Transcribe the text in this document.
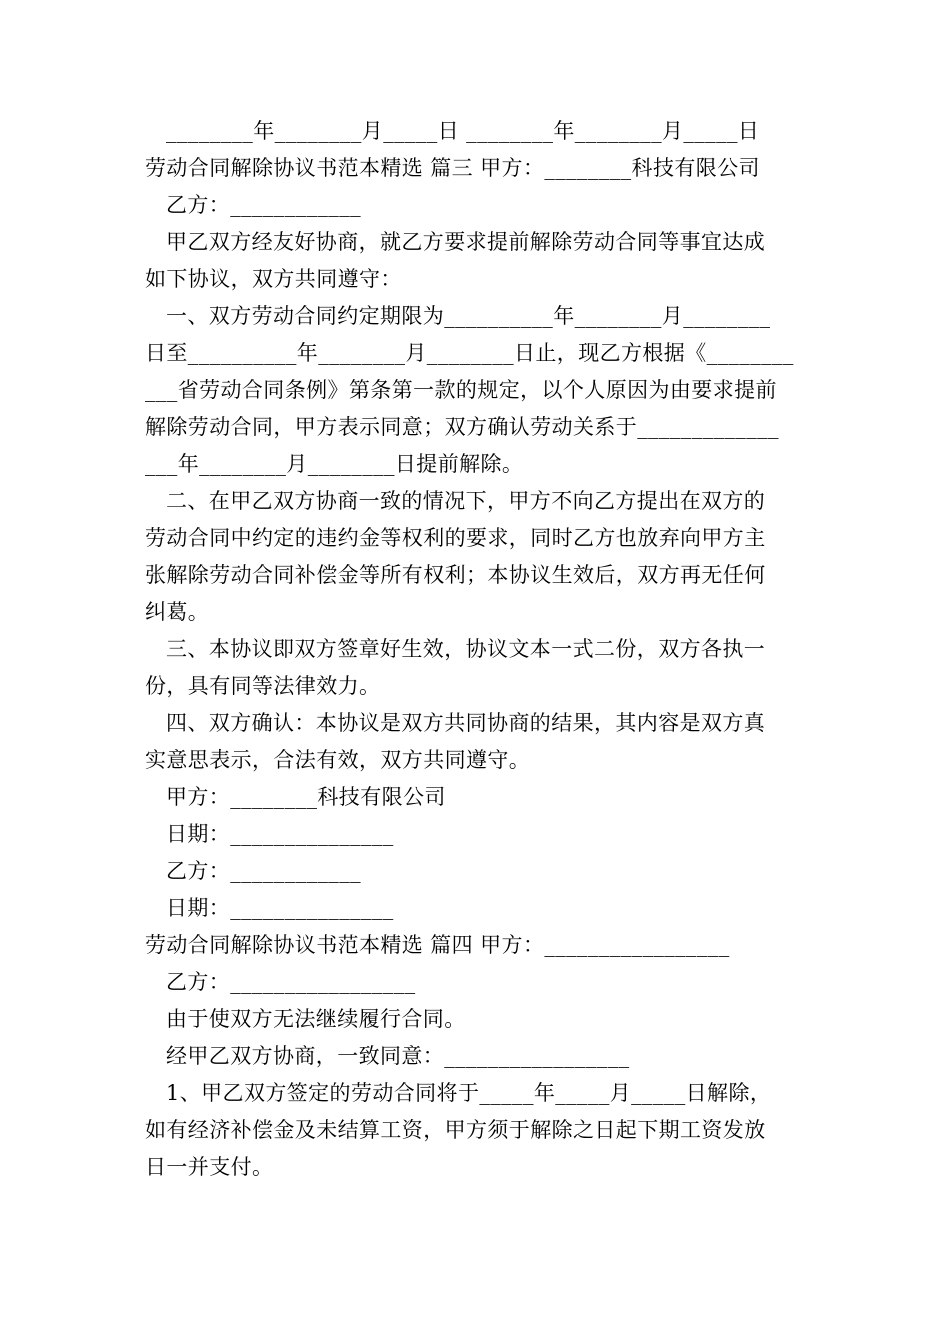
________年________月_____日 ________年________月_____日
劳动合同解除协议书范本精选 篇三 甲方：________科技有限公司
乙方：____________
甲乙双方经友好协商，就乙方要求提前解除劳动合同等事宜达成
如下协议，双方共同遵守：
一、双方劳动合同约定期限为__________年________月________
日至__________年________月________日止，现乙方根据《________
___省劳动合同条例》第条第一款的规定，以个人原因为由要求提前
解除劳动合同，甲方表示同意；双方确认劳动关系于_____________
___年________月________日提前解除。
二、在甲乙双方协商一致的情况下，甲方不向乙方提出在双方的
劳动合同中约定的违约金等权利的要求，同时乙方也放弃向甲方主
张解除劳动合同补偿金等所有权利；本协议生效后，双方再无任何
纠葛。
三、本协议即双方签章好生效，协议文本一式二份，双方各执一
份，具有同等法律效力。
四、双方确认：本协议是双方共同协商的结果，其内容是双方真
实意思表示，合法有效，双方共同遵守。
甲方：________科技有限公司
日期：_______________
乙方：____________
日期：_______________
劳动合同解除协议书范本精选 篇四 甲方：_________________
乙方：_________________
由于使双方无法继续履行合同。
经甲乙双方协商，一致同意：_________________
1、甲乙双方签定的劳动合同将于_____年_____月_____日解除，
如有经济补偿金及未结算工资，甲方须于解除之日起下期工资发放
日一并支付。
